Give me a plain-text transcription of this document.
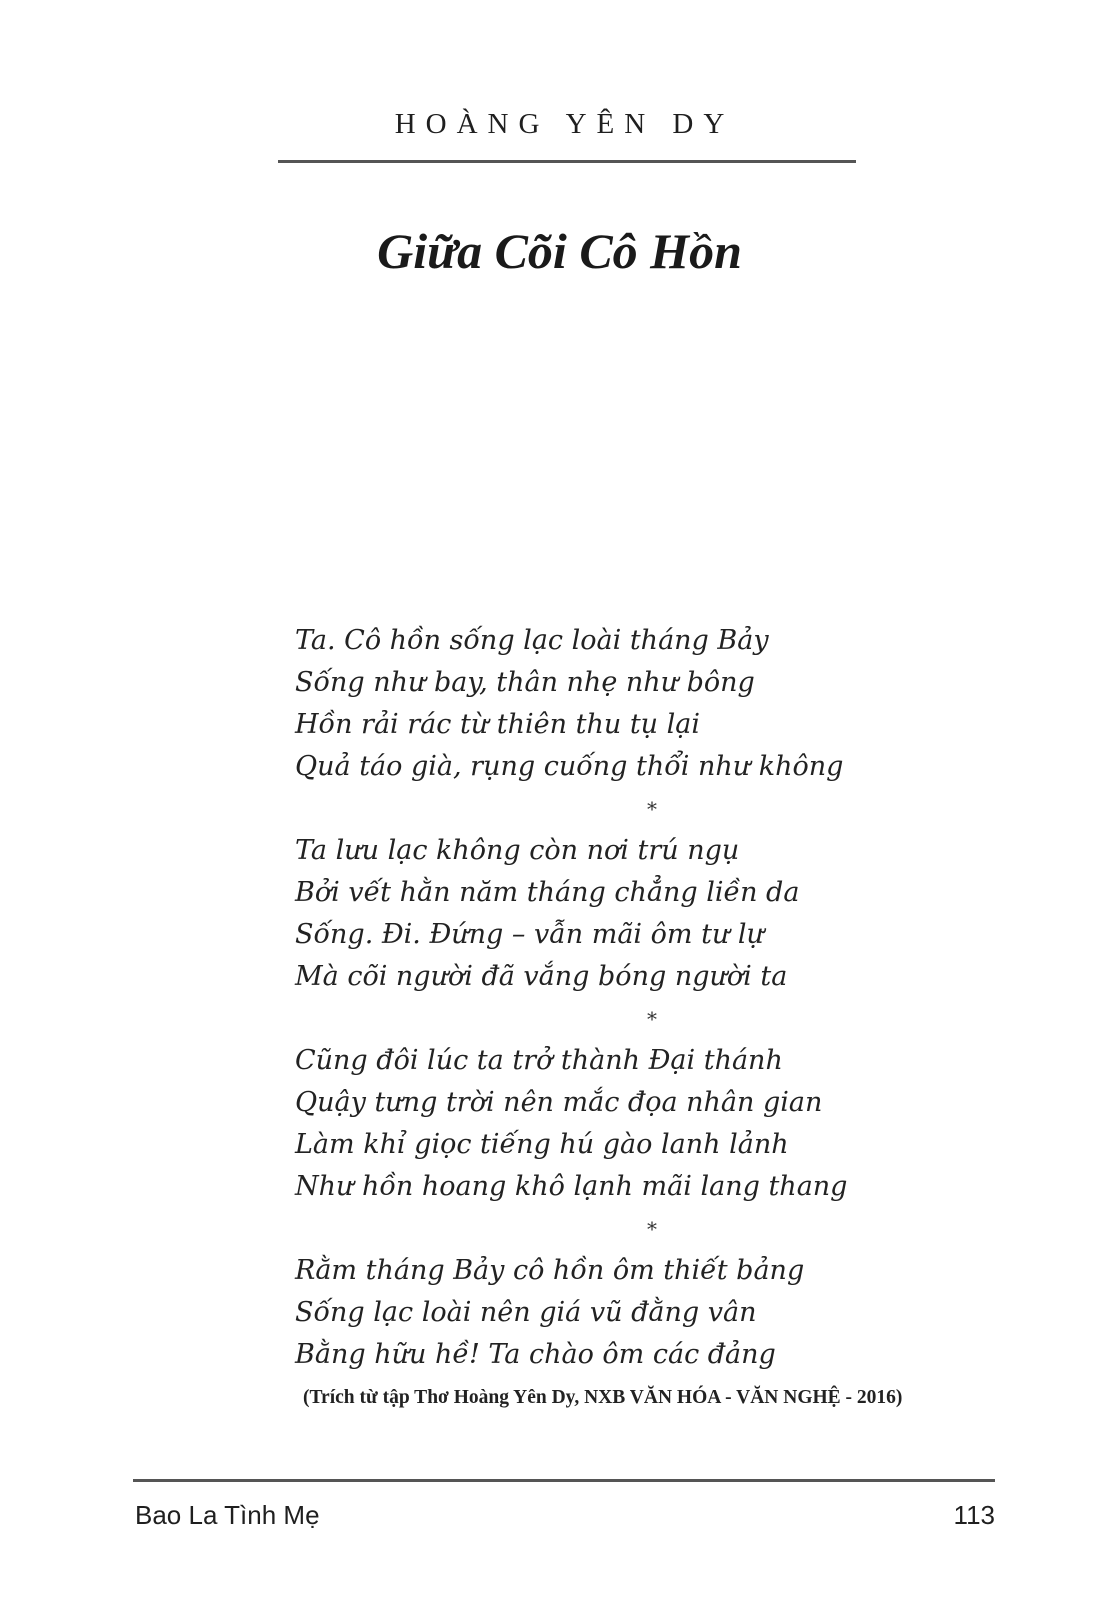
HOÀNG YÊN DY
Giữa Cõi Cô Hồn
Ta. Cô hồn sống lạc loài tháng Bảy
Sống như bay, thân nhẹ như bông
Hồn rải rác từ thiên thu tụ lại
Quả táo già, rụng cuống thổi như không
*
Ta lưu lạc không còn nơi trú ngụ
Bởi vết hằn năm tháng chẳng liền da
Sống. Đi. Đứng – vẫn mãi ôm tư lự
Mà cõi người đã vắng bóng người ta
*
Cũng đôi lúc ta trở thành Đại thánh
Quậy tưng trời nên mắc đọa nhân gian
Làm khỉ giọc tiếng hú gào lanh lảnh
Như hồn hoang khô lạnh mãi lang thang
*
Rằm tháng Bảy cô hồn ôm thiết bảng
Sống lạc loài nên giá vũ đằng vân
Bằng hữu hề! Ta chào ôm các đảng
(Trích từ tập Thơ Hoàng Yên Dy, NXB VĂN HÓA - VĂN NGHỆ - 2016)
Bao La Tình Mẹ	113
